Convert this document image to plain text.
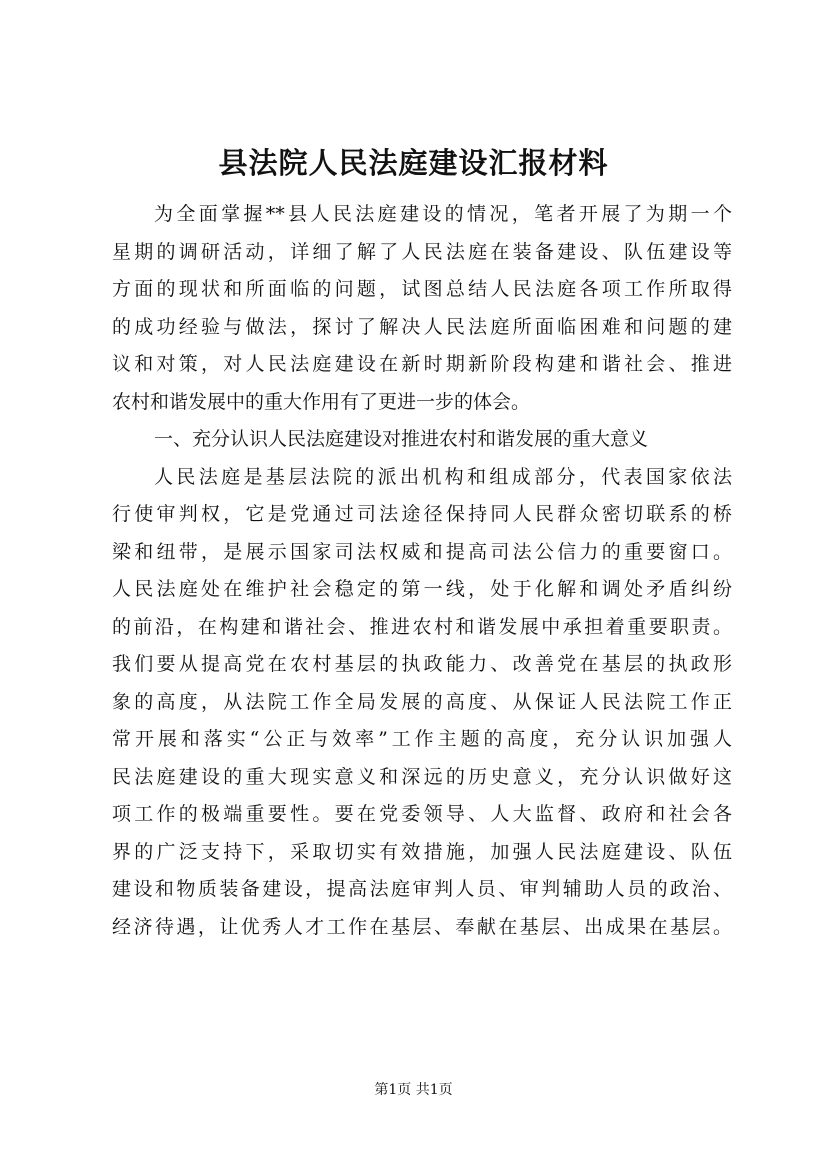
县法院人民法庭建设汇报材料
为全面掌握**县人民法庭建设的情况，笔者开展了为期一个
星期的调研活动，详细了解了人民法庭在装备建设、队伍建设等
方面的现状和所面临的问题，试图总结人民法庭各项工作所取得
的成功经验与做法，探讨了解决人民法庭所面临困难和问题的建
议和对策，对人民法庭建设在新时期新阶段构建和谐社会、推进
农村和谐发展中的重大作用有了更进一步的体会。
一、充分认识人民法庭建设对推进农村和谐发展的重大意义
人民法庭是基层法院的派出机构和组成部分，代表国家依法
行使审判权，它是党通过司法途径保持同人民群众密切联系的桥
梁和纽带，是展示国家司法权威和提高司法公信力的重要窗口。
人民法庭处在维护社会稳定的第一线，处于化解和调处矛盾纠纷
的前沿，在构建和谐社会、推进农村和谐发展中承担着重要职责。
我们要从提高党在农村基层的执政能力、改善党在基层的执政形
象的高度，从法院工作全局发展的高度、从保证人民法院工作正
常开展和落实“公正与效率”工作主题的高度，充分认识加强人
民法庭建设的重大现实意义和深远的历史意义，充分认识做好这
项工作的极端重要性。要在党委领导、人大监督、政府和社会各
界的广泛支持下，采取切实有效措施，加强人民法庭建设、队伍
建设和物质装备建设，提高法庭审判人员、审判辅助人员的政治、
经济待遇，让优秀人才工作在基层、奉献在基层、出成果在基层。
第1页 共1页
